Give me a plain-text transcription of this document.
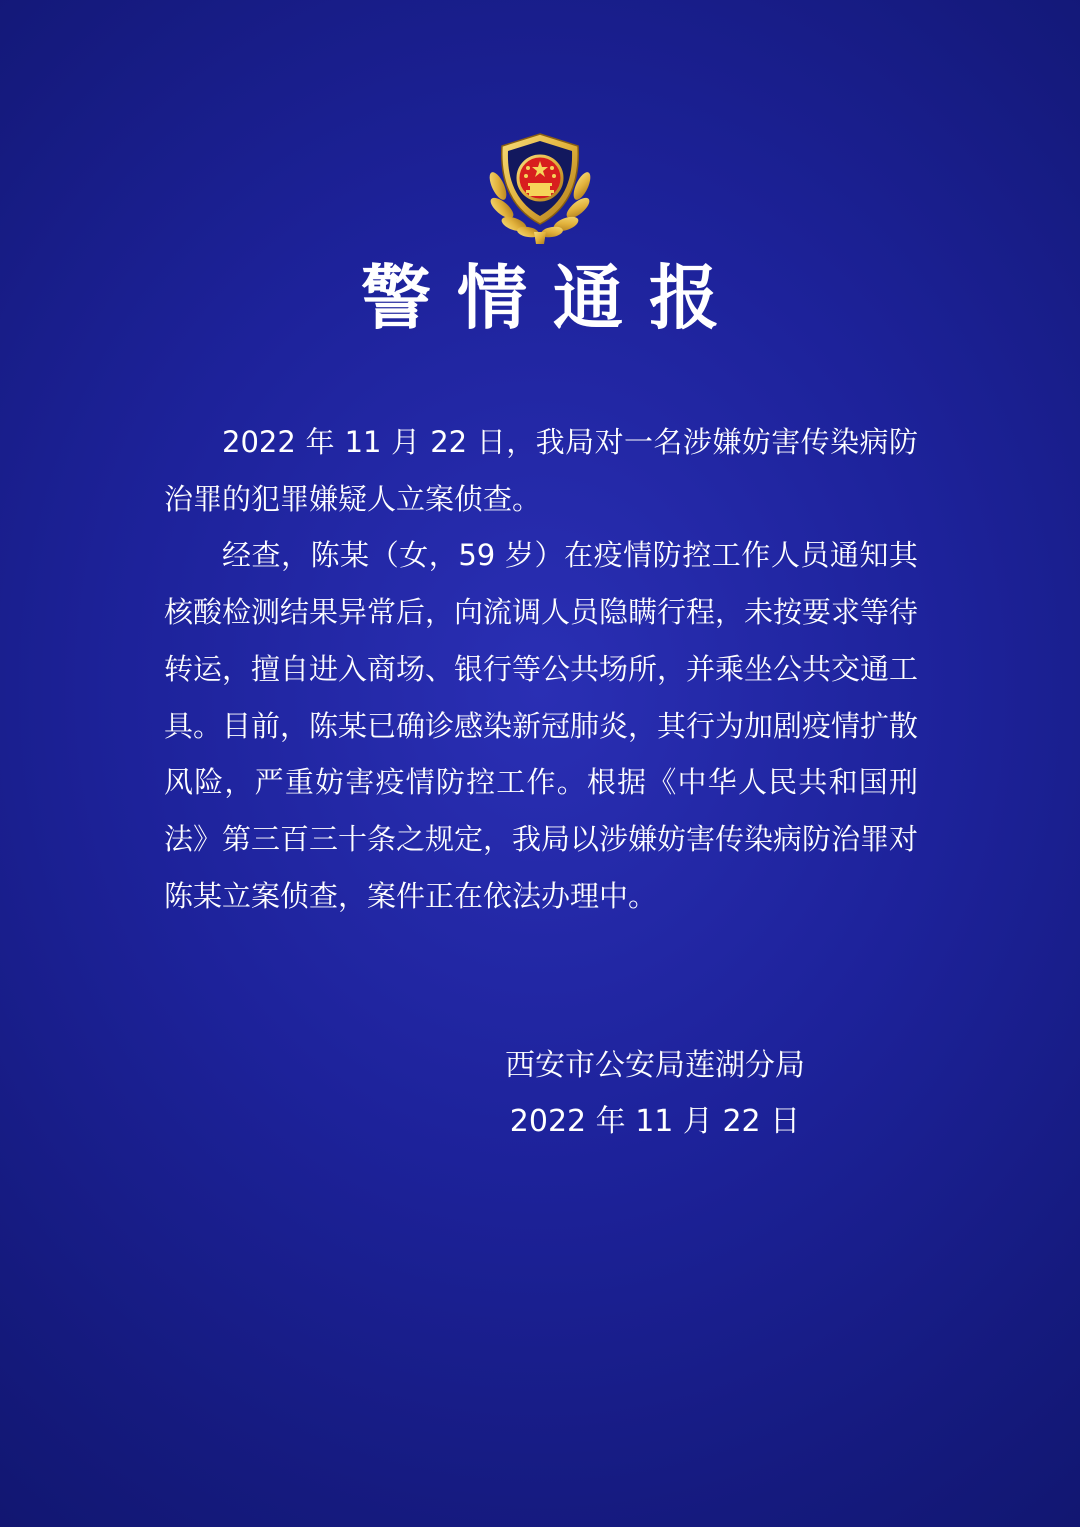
警情通报

2022 年 11 月 22 日，我局对一名涉嫌妨害传染病防治罪的犯罪嫌疑人立案侦查。

经查，陈某（女，59 岁）在疫情防控工作人员通知其核酸检测结果异常后，向流调人员隐瞒行程，未按要求等待转运，擅自进入商场、银行等公共场所，并乘坐公共交通工具。目前，陈某已确诊感染新冠肺炎，其行为加剧疫情扩散风险，严重妨害疫情防控工作。根据《中华人民共和国刑法》第三百三十条之规定，我局以涉嫌妨害传染病防治罪对陈某立案侦查，案件正在依法办理中。

西安市公安局莲湖分局
2022 年 11 月 22 日
